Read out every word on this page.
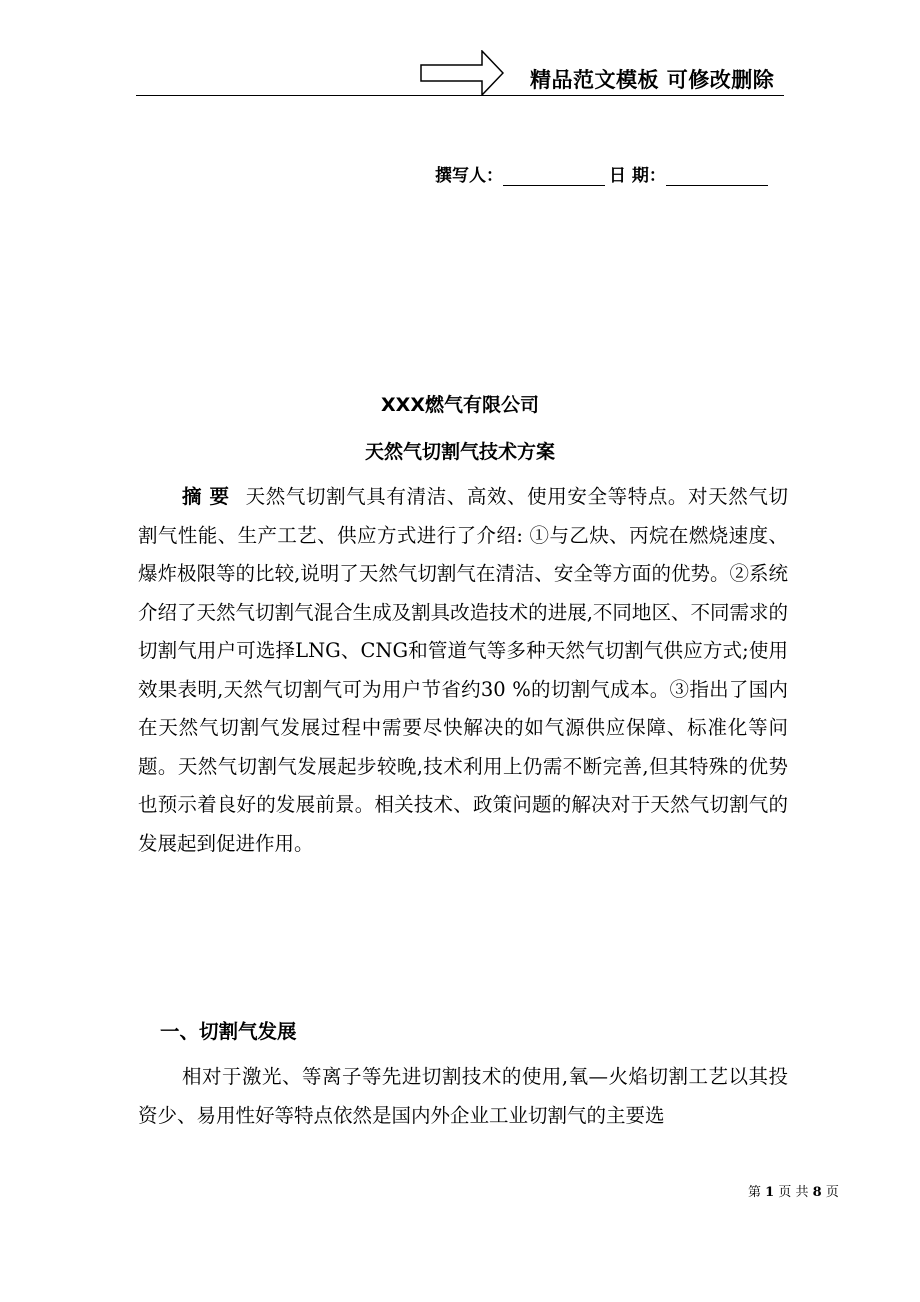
精品范文模板 可修改删除
撰写人：	日 期：
XXX燃气有限公司
天然气切割气技术方案

摘 要 天然气切割气具有清洁、高效、使用安全等特点。对天然气切割气性能、生产工艺、供应方式进行了介绍: ①与乙炔、丙烷在燃烧速度、爆炸极限等的比较,说明了天然气切割气在清洁、安全等方面的优势。②系统介绍了天然气切割气混合生成及割具改造技术的进展,不同地区、不同需求的切割气用户可选择LNG、CNG和管道气等多种天然气切割气供应方式;使用效果表明,天然气切割气可为用户节省约30 %的切割气成本。③指出了国内在天然气切割气发展过程中需要尽快解决的如气源供应保障、标准化等问题。天然气切割气发展起步较晚,技术利用上仍需不断完善,但其特殊的优势也预示着良好的发展前景。相关技术、政策问题的解决对于天然气切割气的发展起到促进作用。

一、切割气发展

相对于激光、等离子等先进切割技术的使用,氧—火焰切割工艺以其投资少、易用性好等特点依然是国内外企业工业切割气的主要选

第 1 页 共 8 页
